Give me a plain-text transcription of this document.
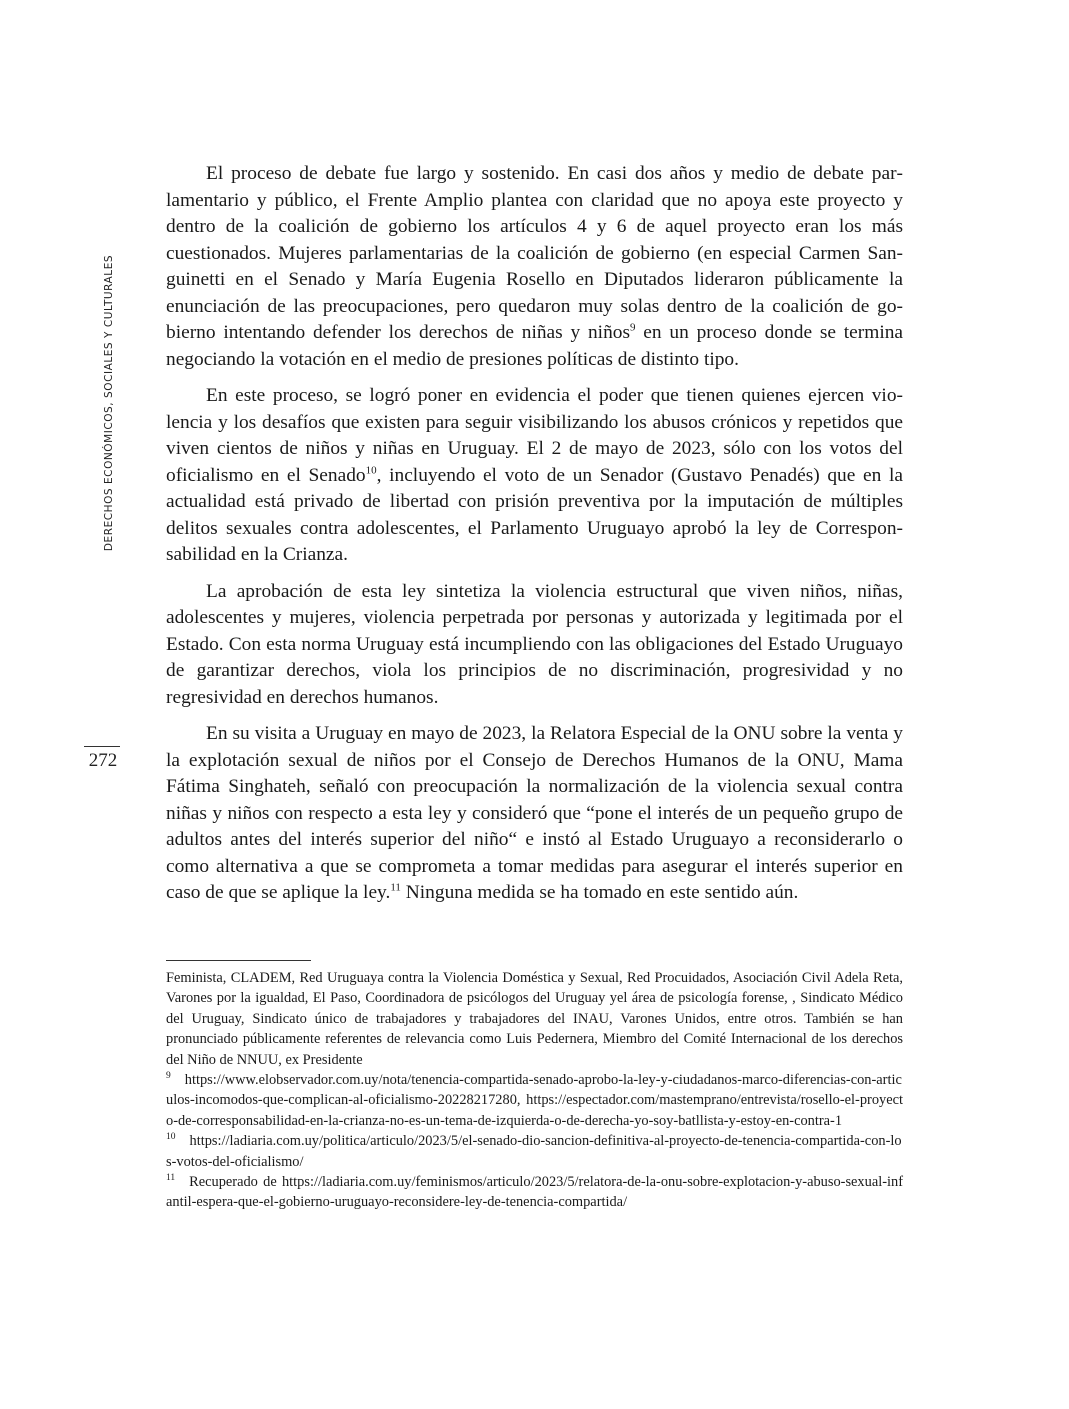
DERECHOS ECONÓMICOS, SOCIALES Y CULTURALES
272

El proceso de debate fue largo y sostenido. En casi dos años y medio de debate parlamentario y público, el Frente Amplio plantea con claridad que no apoya este proyecto y dentro de la coalición de gobierno los artículos 4 y 6 de aquel proyecto eran los más cuestionados. Mujeres parlamentarias de la coalición de gobierno (en especial Carmen Sanguinetti en el Senado y María Eugenia Rosello en Diputados lideraron públicamente la enunciación de las preocupaciones, pero quedaron muy solas dentro de la coalición de gobierno intentando defender los derechos de niñas y niños$^9$ en un proceso donde se termina negociando la votación en el medio de presiones políticas de distinto tipo.

En este proceso, se logró poner en evidencia el poder que tienen quienes ejercen violencia y los desafíos que existen para seguir visibilizando los abusos crónicos y repetidos que viven cientos de niños y niñas en Uruguay. El 2 de mayo de 2023, sólo con los votos del oficialismo en el Senado$^{10}$, incluyendo el voto de un Senador (Gustavo Penadés) que en la actualidad está privado de libertad con prisión preventiva por la imputación de múltiples delitos sexuales contra adolescentes, el Parlamento Uruguayo aprobó la ley de Corresponsabilidad en la Crianza.

La aprobación de esta ley sintetiza la violencia estructural que viven niños, niñas, adolescentes y mujeres, violencia perpetrada por personas y autorizada y legitimada por el Estado. Con esta norma Uruguay está incumpliendo con las obligaciones del Estado Uruguayo de garantizar derechos, viola los principios de no discriminación, progresividad y no regresividad en derechos humanos.

En su visita a Uruguay en mayo de 2023, la Relatora Especial de la ONU sobre la venta y la explotación sexual de niños por el Consejo de Derechos Humanos de la ONU, Mama Fátima Singhateh, señaló con preocupación la normalización de la violencia sexual contra niñas y niños con respecto a esta ley y consideró que “pone el interés de un pequeño grupo de adultos antes del interés superior del niño“ e instó al Estado Uruguayo a reconsiderarlo o como alternativa a que se comprometa a tomar medidas para asegurar el interés superior en caso de que se aplique la ley.$^{11}$ Ninguna medida se ha tomado en este sentido aún.

Feminista, CLADEM, Red Uruguaya contra la Violencia Doméstica y Sexual, Red Procuidados, Asociación Civil Adela Reta, Varones por la igualdad, El Paso, Coordinadora de psicólogos del Uruguay yel área de psicología forense, , Sindicato Médico del Uruguay, Sindicato único de trabajadores y trabajadores del INAU, Varones Unidos, entre otros. También se han pronunciado públicamente referentes de relevancia como Luis Pedernera, Miembro del Comité Internacional de los derechos del Niño de NNUU, ex Presidente

$^9$ https://www.elobservador.com.uy/nota/tenencia-compartida-senado-aprobo-la-ley-y-ciudadanos-marco-diferencias-con-articulos-incomodos-que-complican-al-oficialismo-20228217280, https://espectador.com/mastemprano/entrevista/rosello-el-proyecto-de-corresponsabilidad-en-la-crianza-no-es-un-tema-de-izquierda-o-de-derecha-yo-soy-batllista-y-estoy-en-contra-1

$^{10}$ https://ladiaria.com.uy/politica/articulo/2023/5/el-senado-dio-sancion-definitiva-al-proyecto-de-tenencia-compartida-con-los-votos-del-oficialismo/

$^{11}$ Recuperado de https://ladiaria.com.uy/feminismos/articulo/2023/5/relatora-de-la-onu-sobre-explotacion-y-abuso-sexual-infantil-espera-que-el-gobierno-uruguayo-reconsidere-ley-de-tenencia-compartida/
